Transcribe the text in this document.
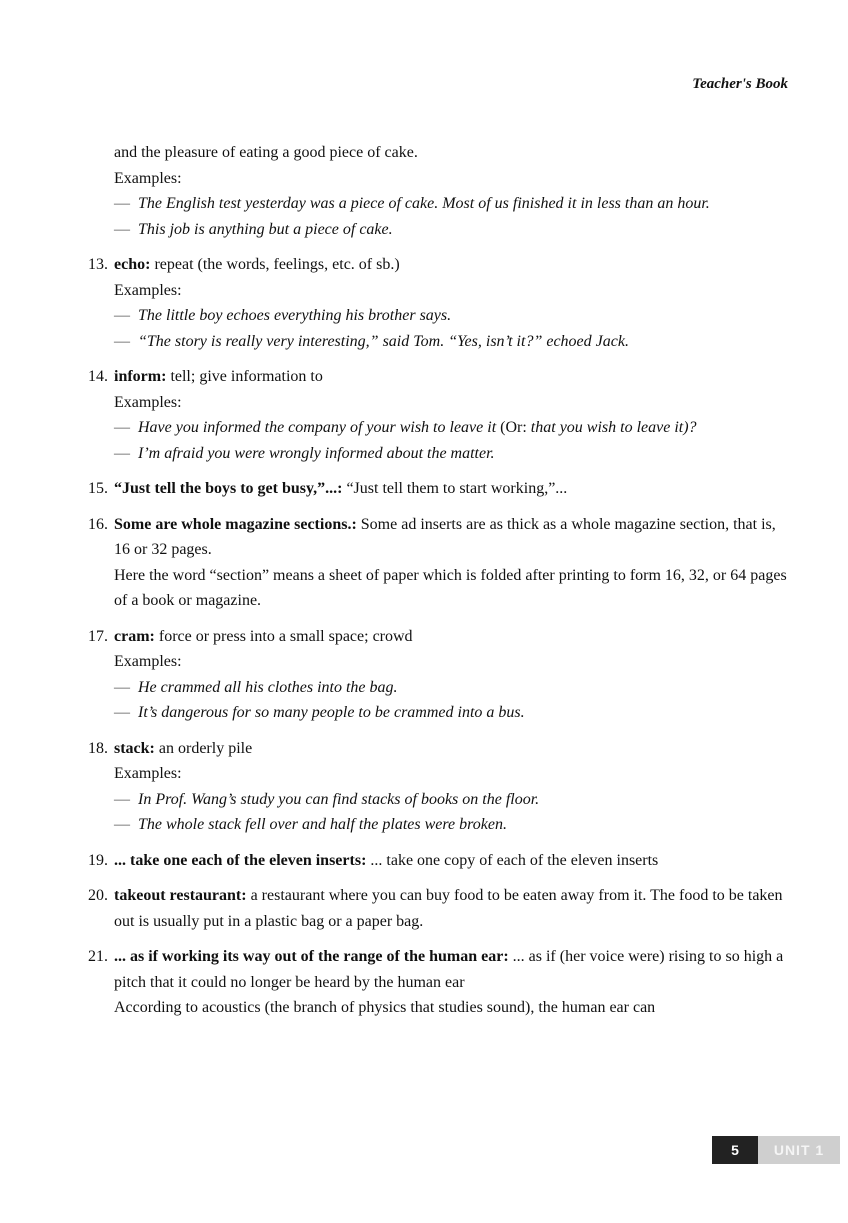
Teacher's Book
and the pleasure of eating a good piece of cake.
Examples:
— The English test yesterday was a piece of cake. Most of us finished it in less than an hour.
— This job is anything but a piece of cake.
13. echo: repeat (the words, feelings, etc. of sb.)
Examples:
— The little boy echoes everything his brother says.
— “The story is really very interesting,” said Tom. “Yes, isn’t it?” echoed Jack.
14. inform: tell; give information to
Examples:
— Have you informed the company of your wish to leave it (Or: that you wish to leave it)?
— I’m afraid you were wrongly informed about the matter.
15. “Just tell the boys to get busy,”...: “Just tell them to start working,”...
16. Some are whole magazine sections.: Some ad inserts are as thick as a whole magazine section, that is, 16 or 32 pages.
Here the word “section” means a sheet of paper which is folded after printing to form 16, 32, or 64 pages of a book or magazine.
17. cram: force or press into a small space; crowd
Examples:
— He crammed all his clothes into the bag.
— It’s dangerous for so many people to be crammed into a bus.
18. stack: an orderly pile
Examples:
— In Prof. Wang’s study you can find stacks of books on the floor.
— The whole stack fell over and half the plates were broken.
19. ... take one each of the eleven inserts: ... take one copy of each of the eleven inserts
20. takeout restaurant: a restaurant where you can buy food to be eaten away from it. The food to be taken out is usually put in a plastic bag or a paper bag.
21. ... as if working its way out of the range of the human ear: ... as if (her voice were) rising to so high a pitch that it could no longer be heard by the human ear
According to acoustics (the branch of physics that studies sound), the human ear can
5	UNIT 1
